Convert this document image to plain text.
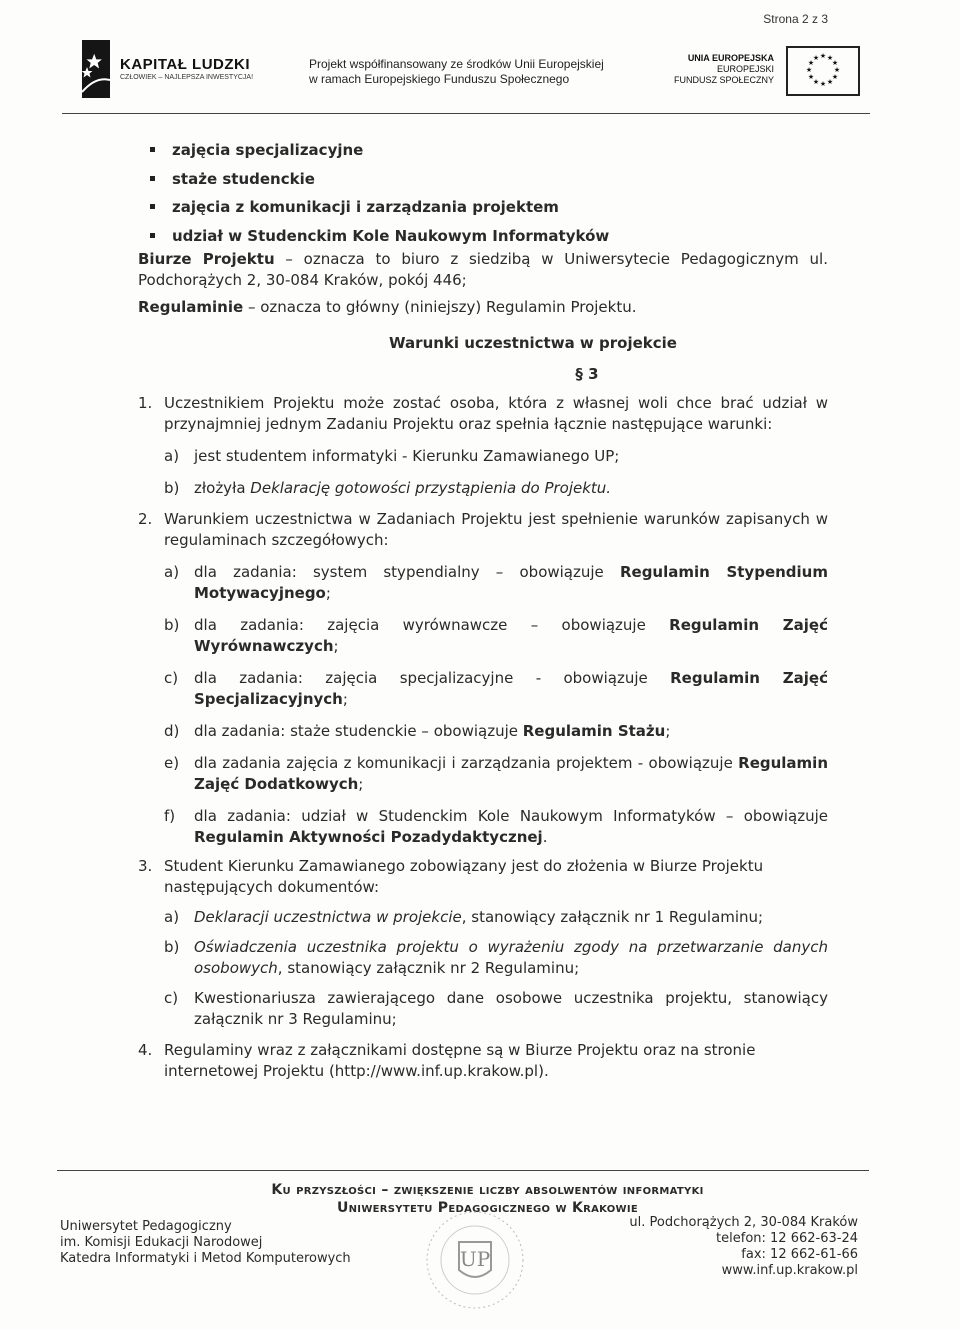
Strona 2 z 3
KAPITAŁ LUDZKI
CZŁOWIEK – NAJLEPSZA INWESTYCJA!
Projekt współfinansowany ze środków Unii Europejskiej
w ramach Europejskiego Funduszu Społecznego
UNIA EUROPEJSKA
EUROPEJSKI
FUNDUSZ SPOŁECZNY
★ ★
★
★
★
★
★
★
★
★
★
★
zajęcia specjalizacyjne
staże studenckie
zajęcia z komunikacji i zarządzania projektem
udział w Studenckim Kole Naukowym Informatyków

Biurze Projektu – oznacza to biuro z siedzibą w Uniwersytecie Pedagogicznym ul. Podchorążych 2, 30-084 Kraków, pokój 446;

Regulaminie – oznacza to główny (niniejszy) Regulamin Projektu.

Warunki uczestnictwa w projekcie
§ 3
1. Uczestnikiem Projektu może zostać osoba, która z własnej woli chce brać udział w przynajmniej jednym Zadaniu Projektu oraz spełnia łącznie następujące warunki:
a) jest studentem informatyki - Kierunku Zamawianego UP;
b) złożyła Deklarację gotowości przystąpienia do Projektu.
2. Warunkiem uczestnictwa w Zadaniach Projektu jest spełnienie warunków zapisanych w regulaminach szczegółowych:
a) dla zadania: system stypendialny – obowiązuje Regulamin Stypendium Motywacyjnego;
b) dla zadania: zajęcia wyrównawcze – obowiązuje Regulamin Zajęć Wyrównawczych;
c) dla zadania: zajęcia specjalizacyjne - obowiązuje Regulamin Zajęć Specjalizacyjnych;
d) dla zadania: staże studenckie – obowiązuje Regulamin Stażu;
e) dla zadania zajęcia z komunikacji i zarządzania projektem - obowiązuje Regulamin Zajęć Dodatkowych;
f) dla zadania: udział w Studenckim Kole Naukowym Informatyków – obowiązuje Regulamin Aktywności Pozadydaktycznej.
3. Student Kierunku Zamawianego zobowiązany jest do złożenia w Biurze Projektu następujących dokumentów:
a) Deklaracji uczestnictwa w projekcie, stanowiący załącznik nr 1 Regulaminu;
b) Oświadczenia uczestnika projektu o wyrażeniu zgody na przetwarzanie danych osobowych, stanowiący załącznik nr 2 Regulaminu;
c) Kwestionariusza zawierającego dane osobowe uczestnika projektu, stanowiący załącznik nr 3 Regulaminu;
4. Regulaminy wraz z załącznikami dostępne są w Biurze Projektu oraz na stronie internetowej Projektu (http://www.inf.up.krakow.pl).
Ku przyszłości – zwiększenie liczby absolwentów informatyki
Uniwersytetu Pedagogicznego w Krakowie
Uniwersytet Pedagogiczny
im. Komisji Edukacji Narodowej
Katedra Informatyki i Metod Komputerowych	UP
ul. Podchorążych 2, 30-084 Kraków
telefon: 12 662-63-24
fax: 12 662-61-66
www.inf.up.krakow.pl
